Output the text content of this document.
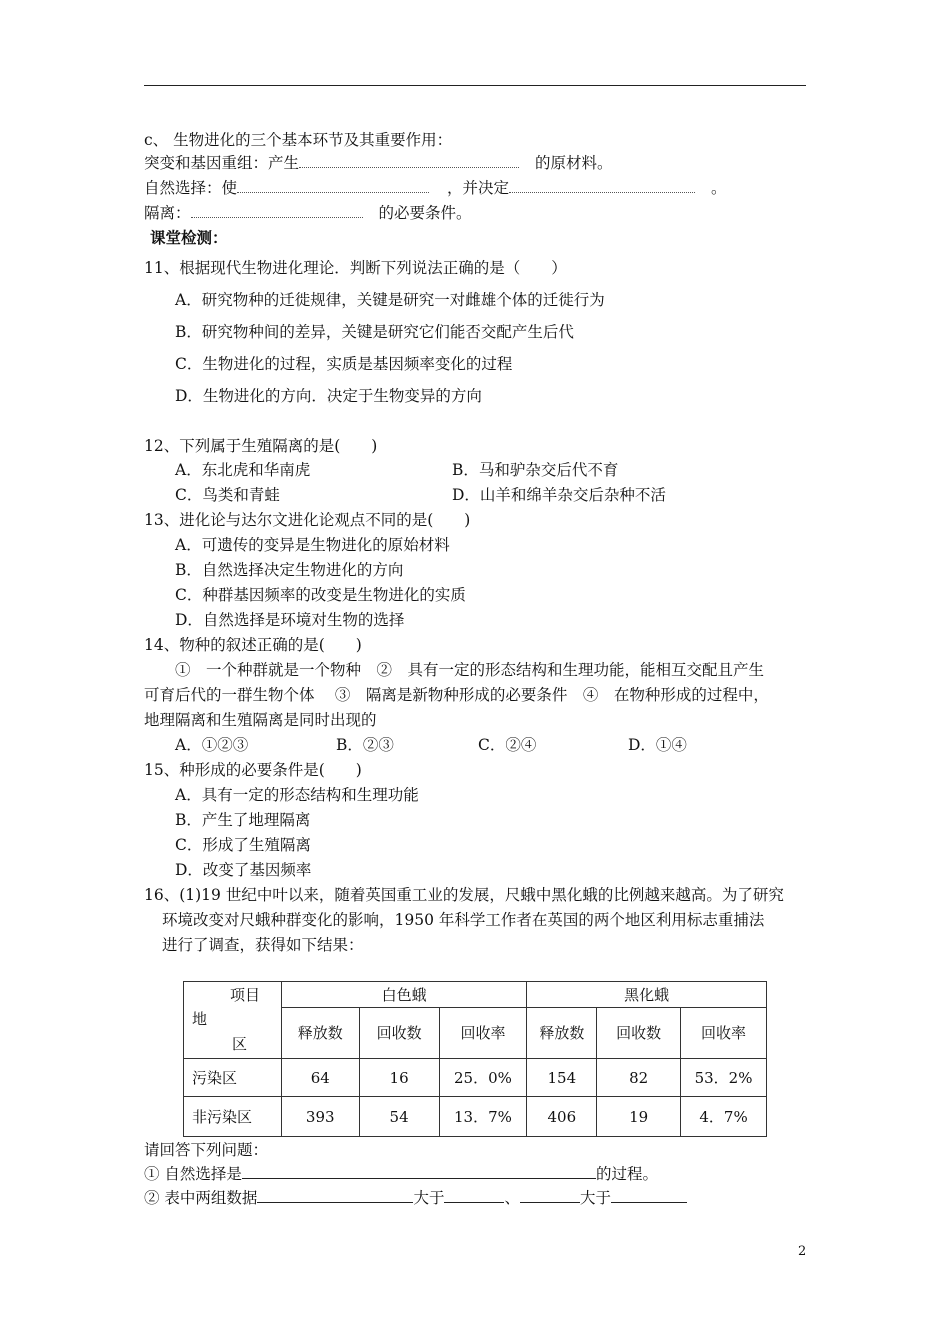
c、 生物进化的三个基本环节及其重要作用：
突变和基因重组：产生	的原材料。
自然选择：使	，并决定	。
隔离：	的必要条件。
课堂检测：
11、根据现代生物进化理论．判断下列说法正确的是（　　）
A．研究物种的迁徙规律，关键是研究一对雌雄个体的迁徙行为
B．研究物种间的差异，关键是研究它们能否交配产生后代
C．生物进化的过程，实质是基因频率变化的过程
D．生物进化的方向．决定于生物变异的方向
12、下列属于生殖隔离的是(　　)
A．东北虎和华南虎	B．马和驴杂交后代不育
C．鸟类和青蛙	D．山羊和绵羊杂交后杂种不活
13、进化论与达尔文进化论观点不同的是(　　)
A．可遗传的变异是生物进化的原始材料
B．自然选择决定生物进化的方向
C．种群基因频率的改变是生物进化的实质
D．自然选择是环境对生物的选择
14、物种的叙述正确的是(　　)
①　一个种群就是一个物种　②　具有一定的形态结构和生理功能，能相互交配且产生
可育后代的一群生物个体　 ③　隔离是新物种形成的必要条件　④　在物种形成的过程中，
地理隔离和生殖隔离是同时出现的
A．①②③	B．②③	C．②④	D．①④
15、种形成的必要条件是(　　)
A．具有一定的形态结构和生理功能
B．产生了地理隔离
C．形成了生殖隔离
D．改变了基因频率
16、(1)19 世纪中叶以来，随着英国重工业的发展，尺蛾中黑化蛾的比例越来越高。为了研究
环境改变对尺蛾种群变化的影响，1950 年科学工作者在英国的两个地区利用标志重捕法
进行了调查，获得如下结果：
项目
地
区	白色蛾			黑化蛾		
	释放数	回收数	回收率	释放数	回收数	回收率
污染区	64	16	25．0%	154	82	53．2%
非污染区	393	54	13．7%	406	19	4．7%
请回答下列问题：
① 自然选择是	的过程。
② 表中两组数据	大于	、	大于
2
